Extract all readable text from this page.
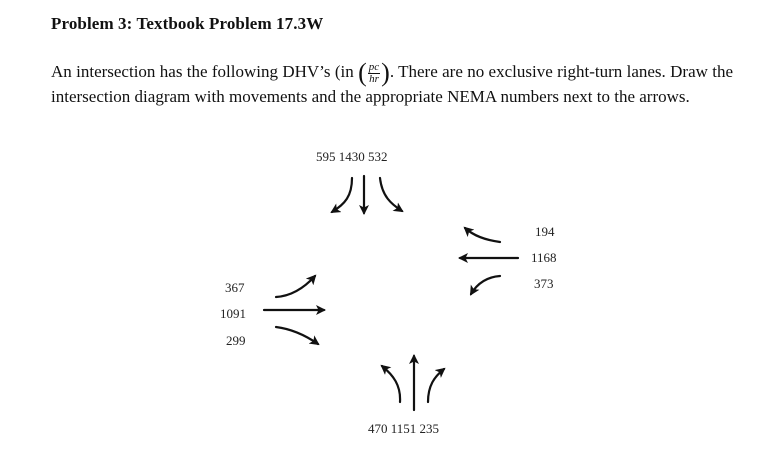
Problem 3: Textbook Problem 17.3W
An intersection has the following DHV’s (in ( $\frac{pc}{hr}$ ). There are no exclusive right-turn lanes. Draw the intersection diagram with movements and the appropriate NEMA numbers next to the arrows.
595 1430 532
194
1168
373
367
1091
299
470 1151 235
